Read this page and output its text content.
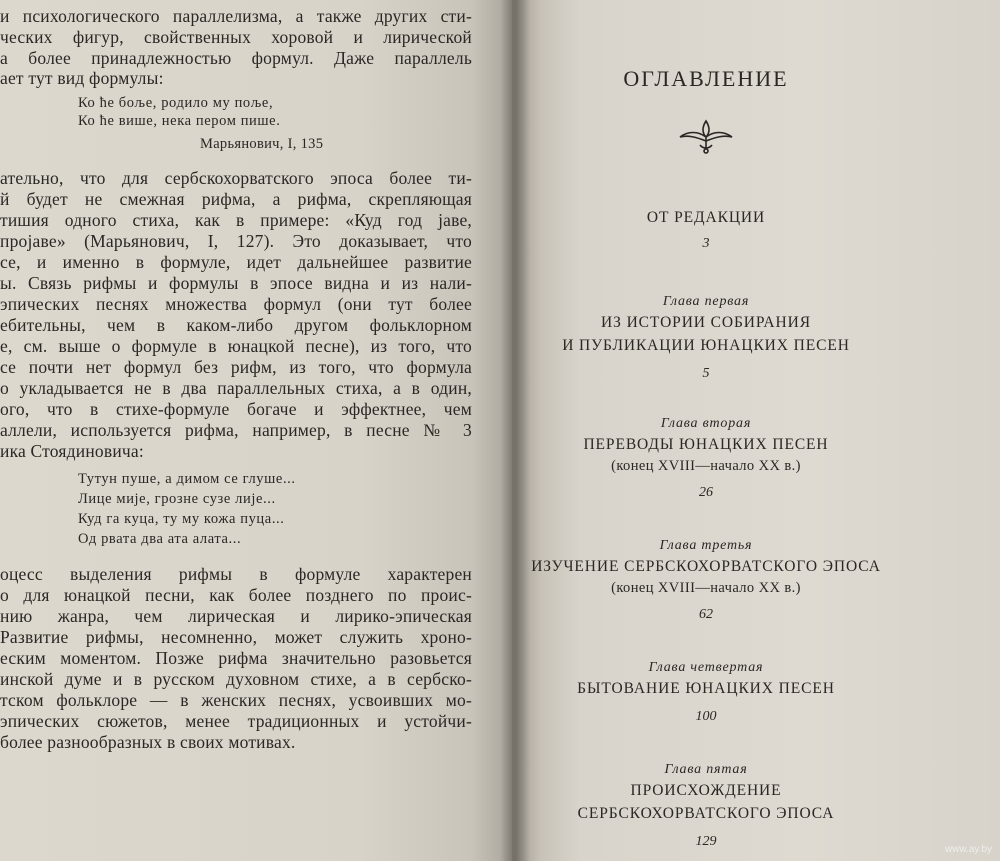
и психологического параллелизма, а также других сти-
ческих фигур, свойственных хоровой и лирической
а более принадлежностью формул. Даже параллель
ает тут вид формулы:
Ко ће боље, родило му поље,
Ко ће више, нека пером пише.
Марьянович, I, 135
ательно, что для сербскохорватского эпоса более ти-
й будет не смежная рифма, а рифма, скрепляющая
тишия одного стиха, как в примере: «Куд год јаве,
пројаве» (Марьянович, I, 127). Это доказывает, что
се, и именно в формуле, идет дальнейшее развитие
ы. Связь рифмы и формулы в эпосе видна и из нали-
эпических песнях множества формул (они тут более
ебительны, чем в каком-либо другом фольклорном
е, см. выше о формуле в юнацкой песне), из того, что
се почти нет формул без рифм, из того, что формула
о укладывается не в два параллельных стиха, а в один,
ого, что в стихе-формуле богаче и эффектнее, чем
аллели, используется рифма, например, в песне № 3
ика Стоядиновича:
Тутун пуше, а димом се глуше...
Лице мије, грозне сузе лије...
Куд га куца, ту му кожа пуца...
Од рвата два ата алата...
оцесс выделения рифмы в формуле характерен
о для юнацкой песни, как более позднего по проис-
нию жанра, чем лирическая и лирико-эпическая
Развитие рифмы, несомненно, может служить хроно-
еским моментом. Позже рифма значительно разовьется
инской думе и в русском духовном стихе, а в сербско-
тском фольклоре — в женских песнях, усвоивших мо-
эпических сюжетов, менее традиционных и устойчи-
более разнообразных в своих мотивах.
ОГЛАВЛЕНИЕ
ОТ РЕДАКЦИИ
3
Глава первая
ИЗ ИСТОРИИ СОБИРАНИЯ
И ПУБЛИКАЦИИ ЮНАЦКИХ ПЕСЕН
5
Глава вторая
ПЕРЕВОДЫ ЮНАЦКИХ ПЕСЕН
(конец XVIII—начало XX в.)
26
Глава третья
ИЗУЧЕНИЕ СЕРБСКОХОРВАТСКОГО ЭПОСА
(конец XVIII—начало XX в.)
62
Глава четвертая
БЫТОВАНИЕ ЮНАЦКИХ ПЕСЕН
100
Глава пятая
ПРОИСХОЖДЕНИЕ
СЕРБСКОХОРВАТСКОГО ЭПОСА
129
www.ay.by
